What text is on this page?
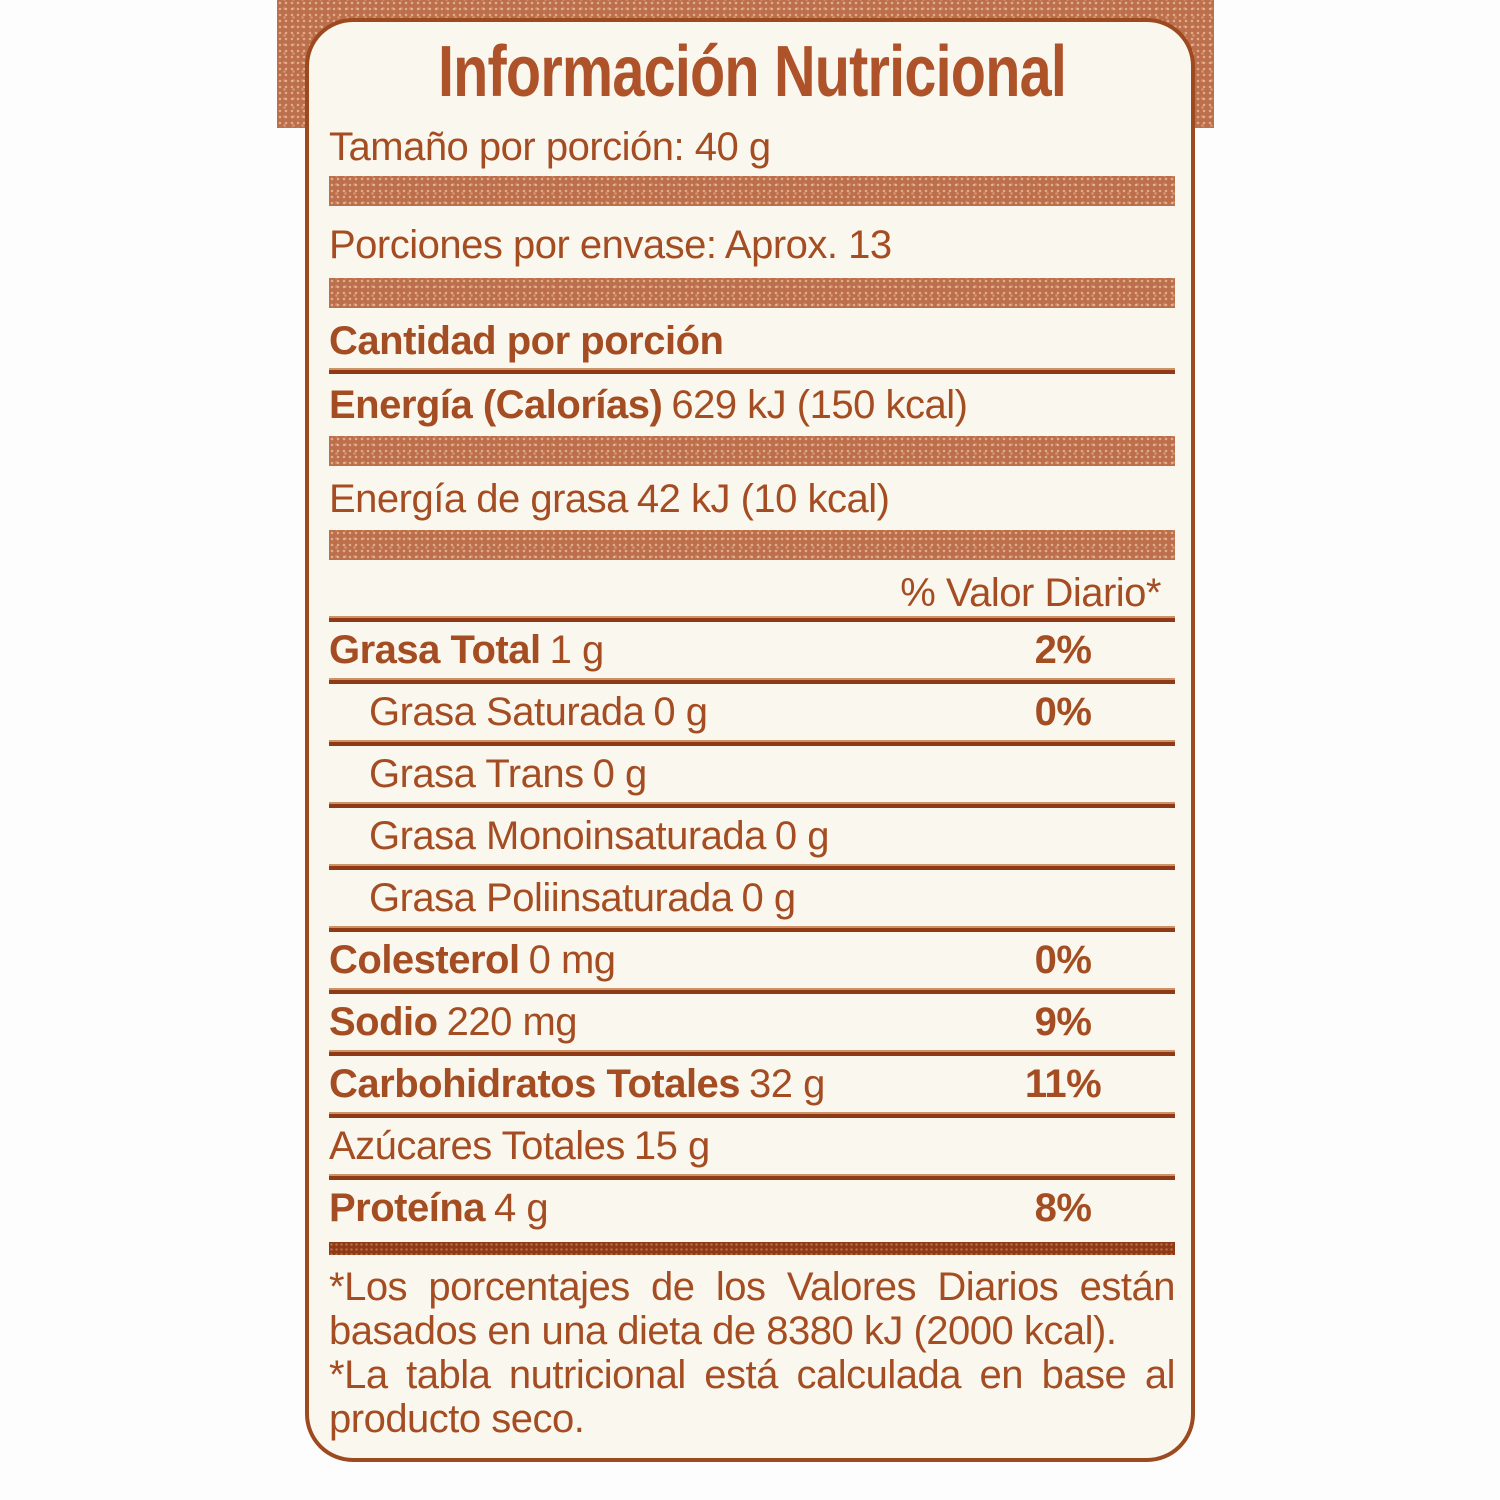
Información Nutricional
Tamaño por porción: 40 g
Porciones por envase: Aprox. 13
Cantidad por porción
Energía (Calorías) 629 kJ (150 kcal)
Energía de grasa 42 kJ (10 kcal)
% Valor Diario*
Grasa Total 1 g	2%
Grasa Saturada 0 g	0%
Grasa Trans 0 g
Grasa Monoinsaturada 0 g
Grasa Poliinsaturada 0 g
Colesterol 0 mg	0%
Sodio 220 mg	9%
Carbohidratos Totales 32 g	11%
Azúcares Totales 15 g
Proteína 4 g	8%
*Los porcentajes de los Valores Diarios están
basados en una dieta de 8380 kJ (2000 kcal).
*La tabla nutricional está calculada en base al
producto seco.
